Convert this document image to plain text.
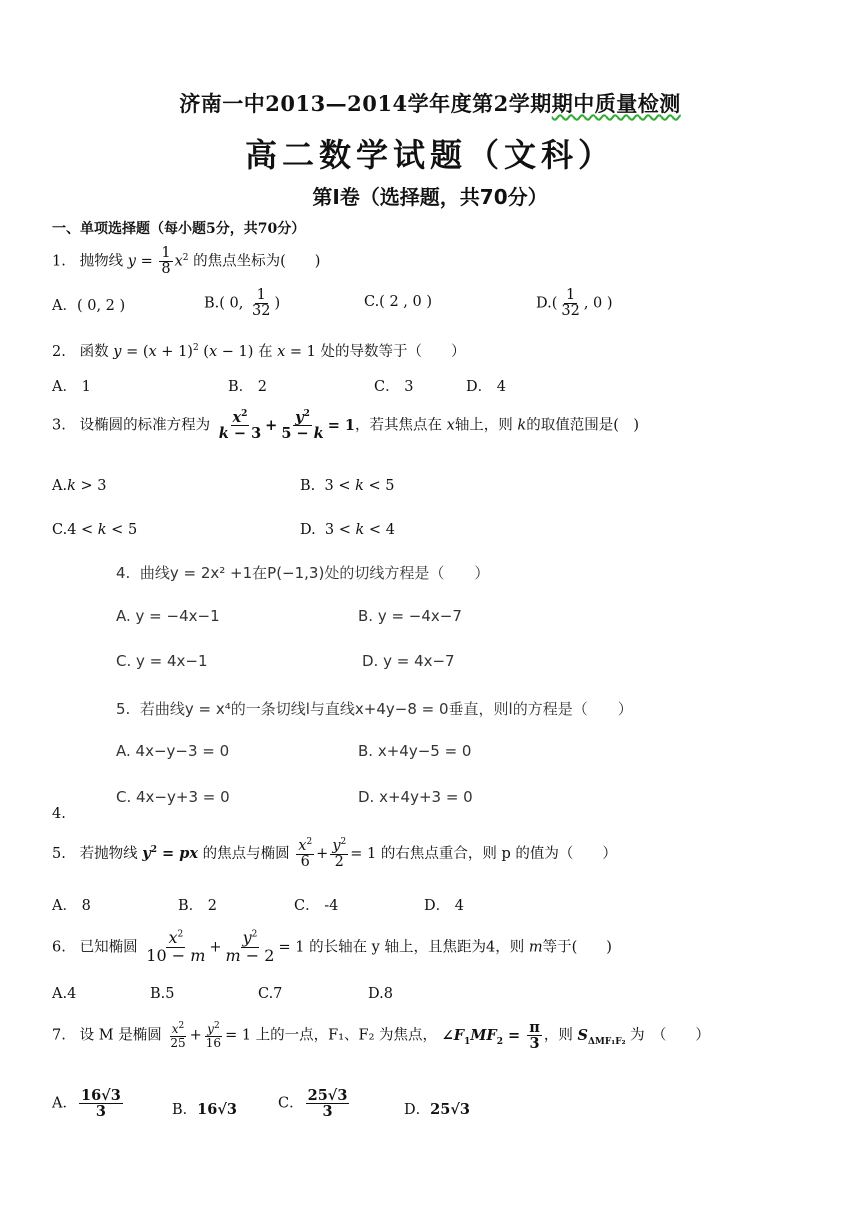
济南一中2013—2014学年度第2学期期中质量检测
高二数学试题（文科）
第Ⅰ卷（选择题，共70分）
一、单项选择题（每小题5分，共70分）
1. 抛物线 $y = \frac{1}{8} x^2$ 的焦点坐标为(　　)
A．( 0, 2 )	B.( 0, $\frac{1}{32}$ )	C.( 2 , 0 )	$D.( \frac{1}{32}$ , 0 )
2. 函数 $y = (x + 1)^2$ (x − 1) 在 x = 1 处的导数等于（　　）
A． 1	B． 2	C． 3	D． 4
3. 设椭圆的标准方程为 $\frac{x^2}{k - 3} + \frac{y^2}{5 - k} = 1$，若其焦点在 x轴上，则 k的取值范围是(　)
A.k > 3	B.  3 < k < 5
C.4 < k < 5	D.  3 < k < 4
4. 曲线y = 2x² +1在P(−1,3)处的切线方程是（　　）
A. y = −4x−1	B. y = −4x−7
C. y = 4x−1	D. y = 4x−7
5. 若曲线y = x⁴的一条切线l与直线x+4y−8 = 0垂直，则l的方程是（　　）
A. 4x−y−3 = 0	B. x+4y−5 = 0
C. 4x−y+3 = 0	D. x+4y+3 = 0
4.
5. 若抛物线 $y^2$ = px 的焦点与椭圆 $\frac{x^2}{6} + \frac{y^2}{2} = 1$ 的右焦点重合，则 p 的值为（　　）
A． 8	B． 2	C． -4	D． 4
6. 已知椭圆 $\frac{x^2}{10 - m} + \frac{y^2}{m - 2} = 1$ 的长轴在 y 轴上，且焦距为4，则 m等于(　　)
A.4	B.5	C.7	D.8
7. 设 M 是椭圆 $\frac{x^2}{25} + \frac{y^2}{16} = 1$ 上的一点，F₁、F₂ 为焦点， $\angle F_1MF_2 = \frac{\pi}{3}$ ，则 $S_{\Delta MF_1F_2}$ 为　（　　）
A． $\frac{16√3}{3}$	B．16√3	C． $\frac{25√3}{3}$	D．25√3
